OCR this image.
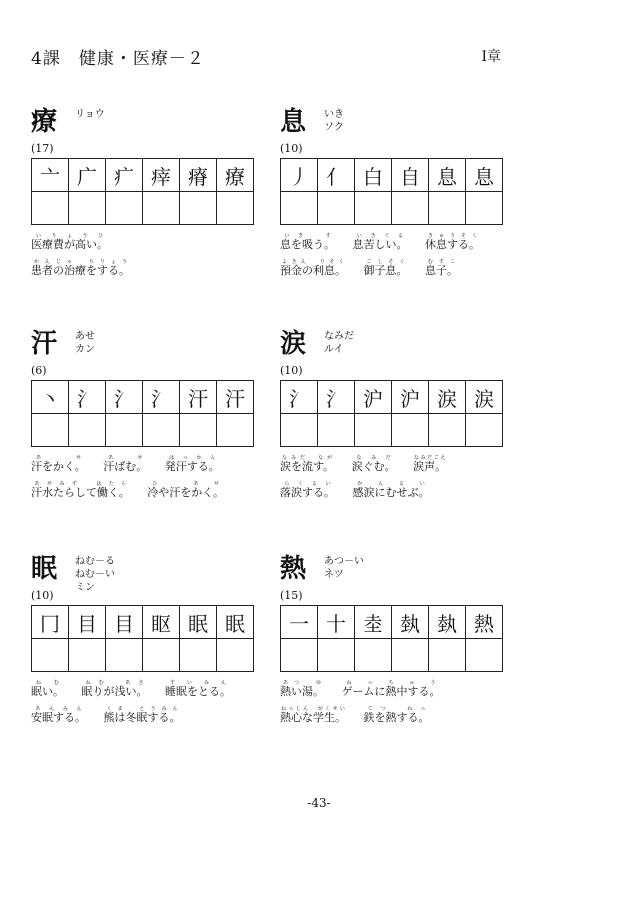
4課　健康・医療－２	Ⅰ章
療 リョウ
(17)
亠	广	疒	㾕	瘠	療

医療費が高い。いりょうひ
患者の治療をする。かんじゃ　ちりょう
息 いき
ソク
(10)
丿	亻	白	自	息	息

息を吸う。いき　す 息苦しい。いきぐる 休息する。きゅうそく
預金の利息。よきん　りそく 御子息。ごしそく 息子。むすこ
汗 あせ
カン
(6)
丶	氵	氵	氵	汗	汗

汗をかく。あせ 汗ばむ。あせ 発汗する。はっかん
汗水たらして働く。あせみず　はたら 冷や汗をかく。ひ　あせ
涙 なみだ
ルイ
(10)
氵	氵	沪	沪	涙	涙

涙を流す。なみだ　なが 涙ぐむ。なみだ 涙声。なみだごえ
落涙する。らくるい 感涙にむせぶ。かんるい
眠 ねむ－る
ねむ－い
ミン
(10)
冂	目	目	眍	眠	眠

眠い。ねむ 眠りが浅い。ねむ　あさ 睡眠をとる。すいみん
安眠する。あんみん 熊は冬眠する。くま　とうみん
熱 あつ－い
ネツ
(15)
一	十	坴	埶	埶	熱

熱い湯。あつ　ゆ ゲームに熱中する。ねっちゅう
熱心な学生。ねっしん　がくせい 鉄を熱する。てつ　ねっ
-43-
